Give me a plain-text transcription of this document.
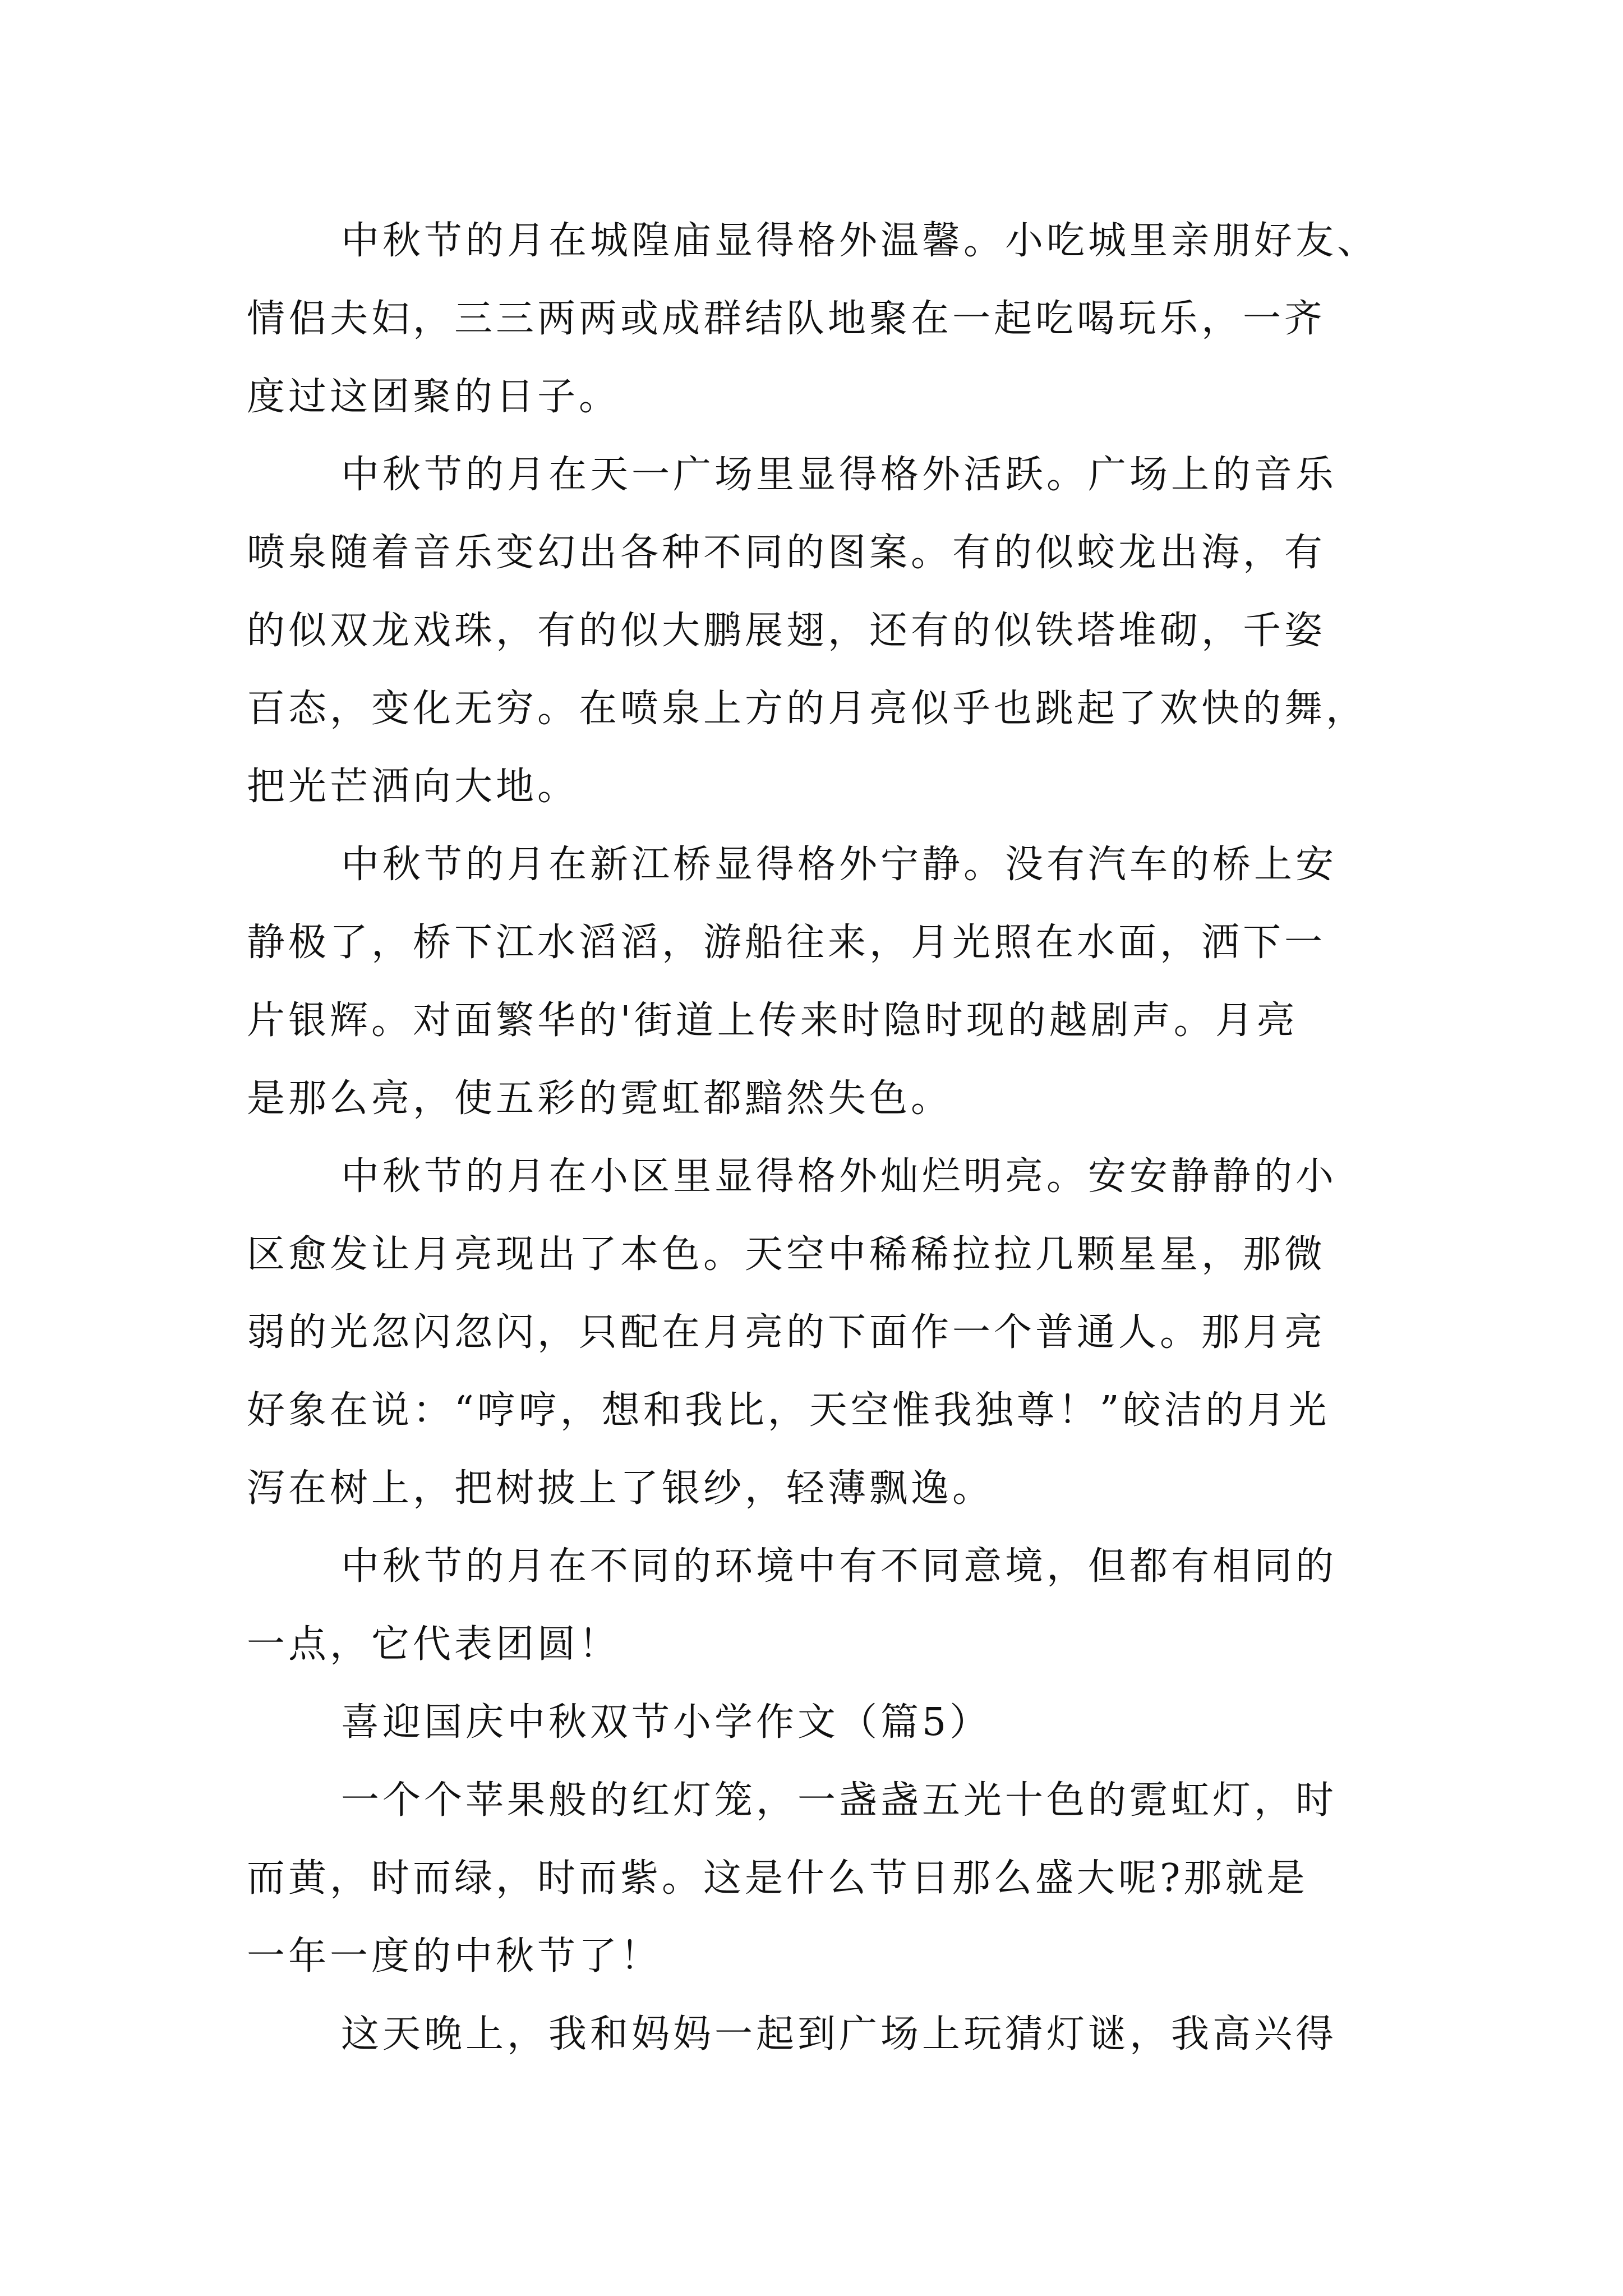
中秋节的月在城隍庙显得格外温馨。小吃城里亲朋好友、
情侣夫妇，三三两两或成群结队地聚在一起吃喝玩乐，一齐
度过这团聚的日子。
中秋节的月在天一广场里显得格外活跃。广场上的音乐
喷泉随着音乐变幻出各种不同的图案。有的似蛟龙出海，有
的似双龙戏珠，有的似大鹏展翅，还有的似铁塔堆砌，千姿
百态，变化无穷。在喷泉上方的月亮似乎也跳起了欢快的舞，
把光芒洒向大地。
中秋节的月在新江桥显得格外宁静。没有汽车的桥上安
静极了，桥下江水滔滔，游船往来，月光照在水面，洒下一
片银辉。对面繁华的'街道上传来时隐时现的越剧声。月亮
是那么亮，使五彩的霓虹都黯然失色。
中秋节的月在小区里显得格外灿烂明亮。安安静静的小
区愈发让月亮现出了本色。天空中稀稀拉拉几颗星星，那微
弱的光忽闪忽闪，只配在月亮的下面作一个普通人。那月亮
好象在说：“哼哼，想和我比，天空惟我独尊！”皎洁的月光
泻在树上，把树披上了银纱，轻薄飘逸。
中秋节的月在不同的环境中有不同意境，但都有相同的
一点，它代表团圆！
喜迎国庆中秋双节小学作文（篇5）
一个个苹果般的红灯笼，一盏盏五光十色的霓虹灯，时
而黄，时而绿，时而紫。这是什么节日那么盛大呢?那就是
一年一度的中秋节了！
这天晚上，我和妈妈一起到广场上玩猜灯谜，我高兴得
